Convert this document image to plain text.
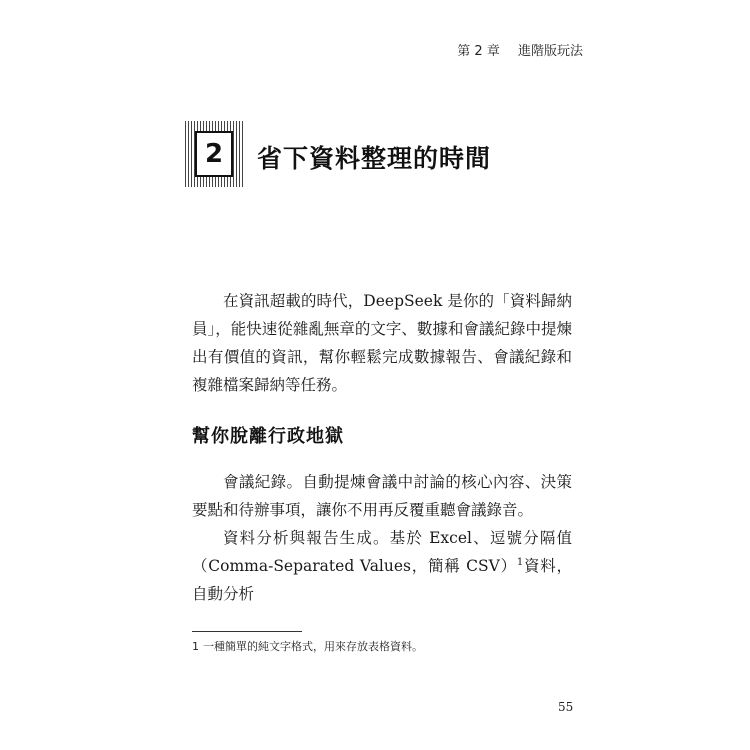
第 2 章 進階版玩法
2 省下資料整理的時間

在資訊超載的時代，DeepSeek 是你的「資料歸納員」，能快速從雜亂無章的文字、數據和會議紀錄中提煉出有價值的資訊，幫你輕鬆完成數據報告、會議紀錄和複雜檔案歸納等任務。

幫你脫離行政地獄

會議紀錄。自動提煉會議中討論的核心內容、決策要點和待辦事項，讓你不用再反覆重聽會議錄音。

資料分析與報告生成。基於 Excel、逗號分隔值（Comma-Separated Values，簡稱 CSV）$^1$資料，自動分析

1 一種簡單的純文字格式，用來存放表格資料。
55
